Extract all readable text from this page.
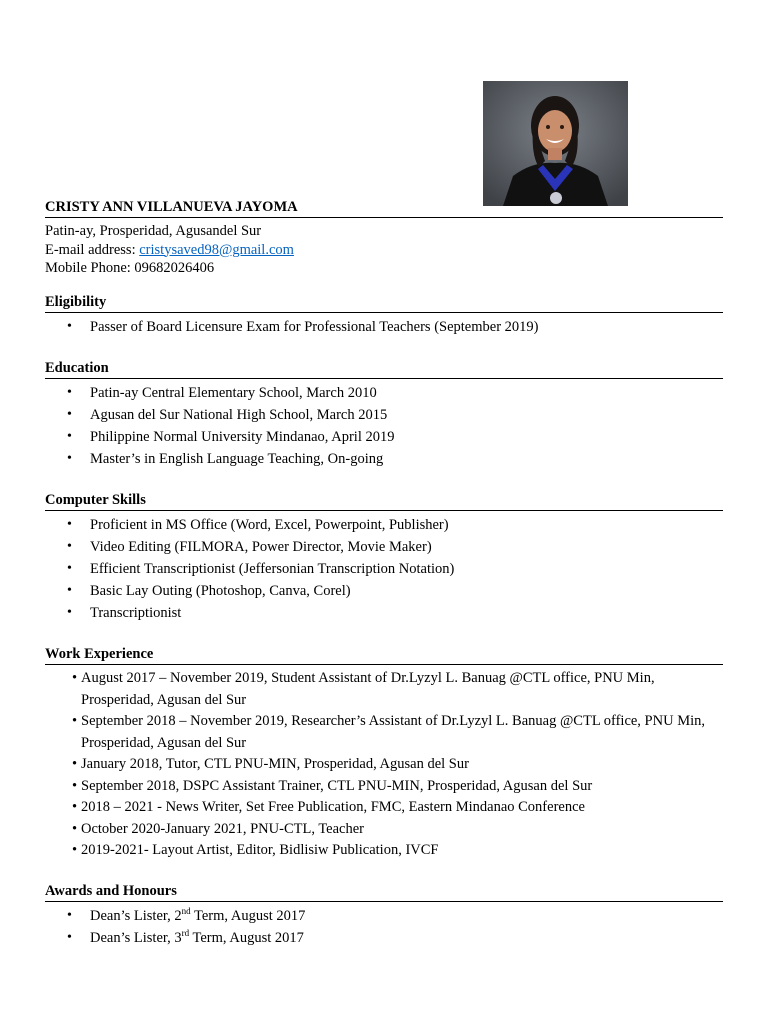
CRISTY ANN VILLANUEVA JAYOMA
Patin-ay, Prosperidad, Agusandel Sur
E-mail address: cristysaved98@gmail.com
Mobile Phone: 09682026406
Eligibility
• Passer of Board Licensure Exam for Professional Teachers (September 2019)
Education
• Patin-ay Central Elementary School, March 2010
• Agusan del Sur National High School, March 2015
• Philippine Normal University Mindanao, April 2019
• Master’s in English Language Teaching, On-going
Computer Skills
• Proficient in MS Office (Word, Excel, Powerpoint, Publisher)
• Video Editing (FILMORA, Power Director, Movie Maker)
• Efficient Transcriptionist (Jeffersonian Transcription Notation)
• Basic Lay Outing (Photoshop, Canva, Corel)
• Transcriptionist
Work Experience
• August 2017 – November 2019, Student Assistant of Dr.Lyzyl L. Banuag @CTL office, PNU Min, Prosperidad, Agusan del Sur
• September 2018 – November 2019, Researcher’s Assistant of Dr.Lyzyl L. Banuag @CTL office, PNU Min, Prosperidad, Agusan del Sur
• January 2018, Tutor, CTL PNU-MIN, Prosperidad, Agusan del Sur
• September 2018, DSPC Assistant Trainer, CTL PNU-MIN, Prosperidad, Agusan del Sur
• 2018 – 2021 - News Writer, Set Free Publication, FMC, Eastern Mindanao Conference
• October 2020-January 2021, PNU-CTL, Teacher
• 2019-2021- Layout Artist, Editor, Bidlisiw Publication, IVCF
Awards and Honours
• Dean’s Lister, 2nd Term, August 2017
• Dean’s Lister, 3rd Term, August 2017
